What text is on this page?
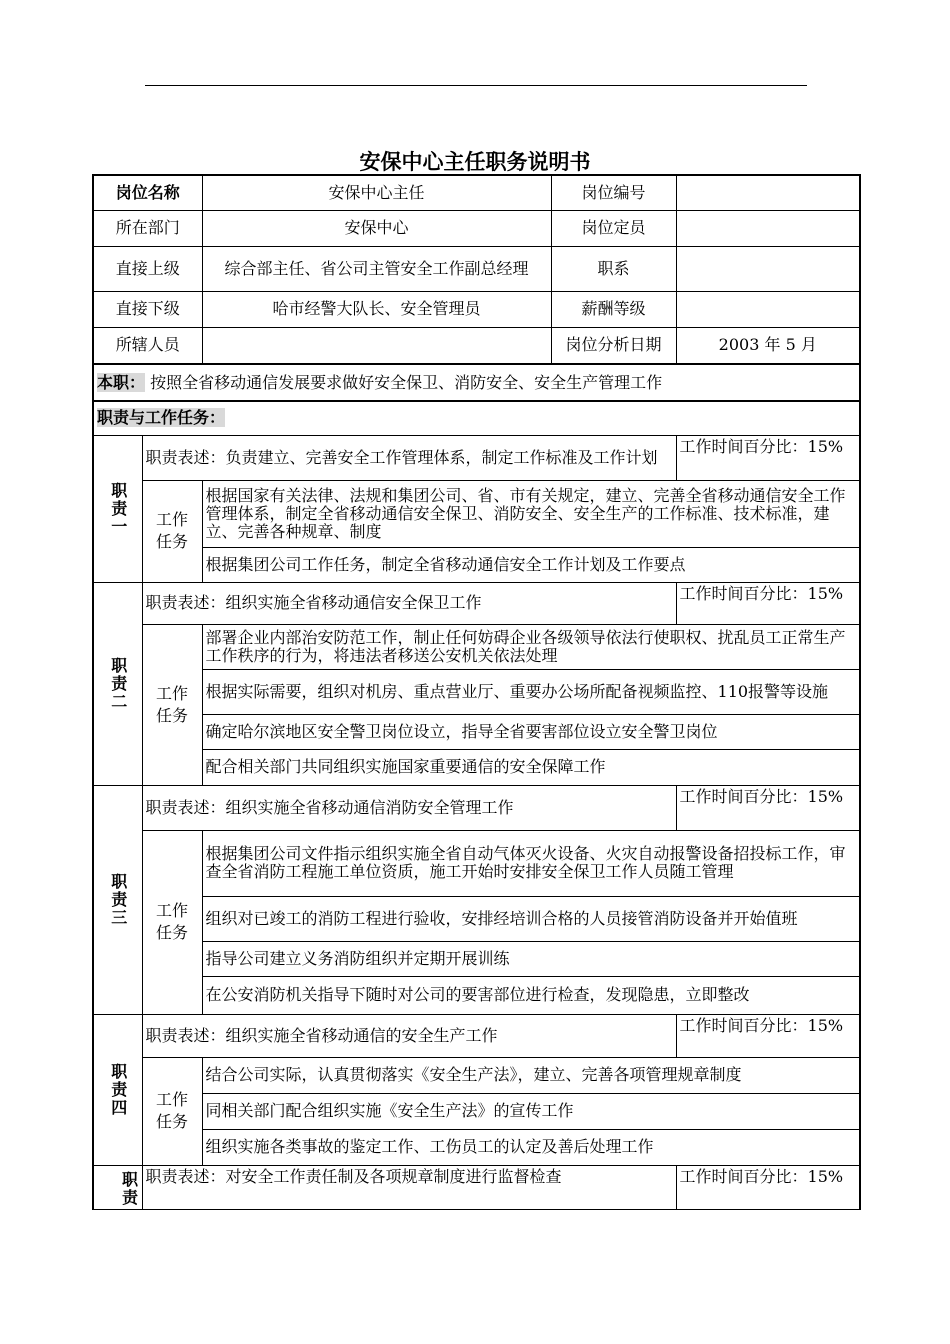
安保中心主任职务说明书
岗位名称		安保中心主任	岗位编号	
所在部门		安保中心	岗位定员	
直接上级		综合部主任、省公司主管安全工作副总经理	职系	
直接下级		哈市经警大队长、安全管理员	薪酬等级	
所辖人员			岗位分析日期	2003 年 5 月
本职： 按照全省移动通信发展要求做好安全保卫、消防安全、安全生产管理工作				
职责与工作任务：				
职责一	职责表述：负责建立、完善安全工作管理体系，制定工作标准及工作计划			工作时间百分比：15%
	工作任务	根据国家有关法律、法规和集团公司、省、市有关规定，建立、完善全省移动通信安全工作管理体系，制定全省移动通信安全保卫、消防安全、安全生产的工作标准、技术标准，建立、完善各种规章、制度		
		根据集团公司工作任务，制定全省移动通信安全工作计划及工作要点		
职责二	职责表述：组织实施全省移动通信安全保卫工作			工作时间百分比：15%
	工作任务	部署企业内部治安防范工作，制止任何妨碍企业各级领导依法行使职权、扰乱员工正常生产工作秩序的行为，将违法者移送公安机关依法处理		
		根据实际需要，组织对机房、重点营业厅、重要办公场所配备视频监控、110报警等设施		
		确定哈尔滨地区安全警卫岗位设立，指导全省要害部位设立安全警卫岗位		
		配合相关部门共同组织实施国家重要通信的安全保障工作		
职责三	职责表述：组织实施全省移动通信消防安全管理工作			工作时间百分比：15%
	工作任务	根据集团公司文件指示组织实施全省自动气体灭火设备、火灾自动报警设备招投标工作，审查全省消防工程施工单位资质，施工开始时安排安全保卫工作人员随工管理		
		组织对已竣工的消防工程进行验收，安排经培训合格的人员接管消防设备并开始值班		
		指导公司建立义务消防组织并定期开展训练		
		在公安消防机关指导下随时对公司的要害部位进行检查，发现隐患，立即整改		
职责四	职责表述：组织实施全省移动通信的安全生产工作			工作时间百分比：15%
	工作任务	结合公司实际，认真贯彻落实《安全生产法》，建立、完善各项管理规章制度		
		同相关部门配合组织实施《安全生产法》的宣传工作		
		组织实施各类事故的鉴定工作、工伤员工的认定及善后处理工作		
职责	职责表述：对安全工作责任制及各项规章制度进行监督检查			工作时间百分比：15%
